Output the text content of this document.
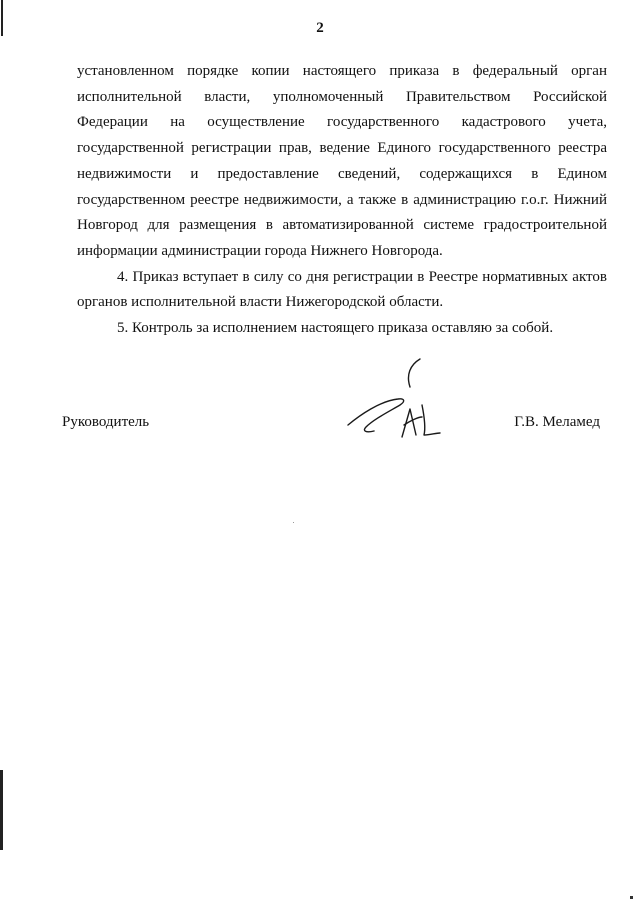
2

установленном порядке копии настоящего приказа в федеральный орган

исполнительной власти, уполномоченный Правительством Российской

Федерации на осуществление государственного кадастрового учета,

государственной регистрации прав, ведение Единого государственного реестра

недвижимости и предоставление сведений, содержащихся в Едином

государственном реестре недвижимости, а также в администрацию г.о.г. Нижний

Новгород для размещения в автоматизированной системе градостроительной

информации администрации города Нижнего Новгорода.

4. Приказ вступает в силу со дня регистрации в Реестре нормативных актов

органов исполнительной власти Нижегородской области.

5. Контроль за исполнением настоящего приказа оставляю за собой.

Руководитель	Г.В. Меламед
